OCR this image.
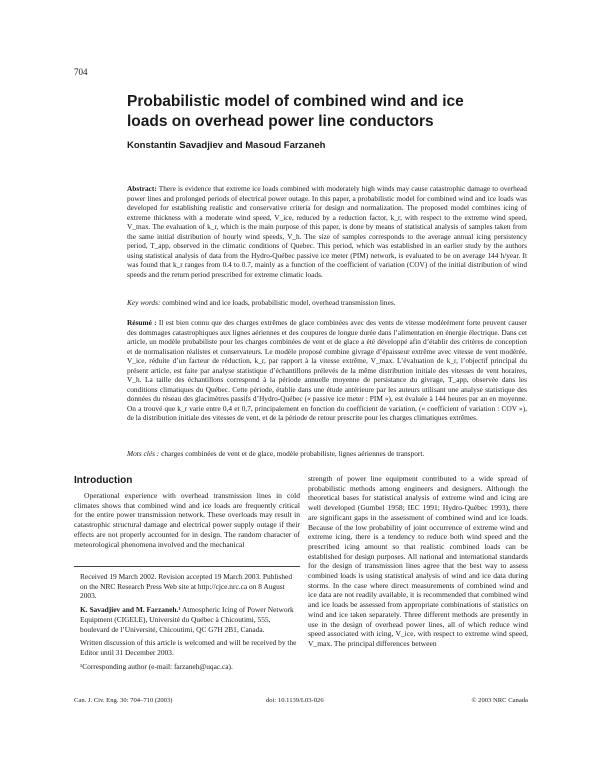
704
Probabilistic model of combined wind and ice loads on overhead power line conductors
Konstantin Savadjiev and Masoud Farzaneh
Abstract: There is evidence that extreme ice loads combined with moderately high winds may cause catastrophic damage to overhead power lines and prolonged periods of electrical power outage. In this paper, a probabilistic model for combined wind and ice loads was developed for establishing realistic and conservative criteria for design and normalization. The proposed model combines icing of extreme thickness with a moderate wind speed, V_ice, reduced by a reduction factor, k_r, with respect to the extreme wind speed, V_max. The evaluation of k_r, which is the main purpose of this paper, is done by means of statistical analysis of samples taken from the same initial distribution of hourly wind speeds, V_h. The size of samples corresponds to the average annual icing persistency period, T_app, observed in the climatic conditions of Quebec. This period, which was established in an earlier study by the authors using statistical analysis of data from the Hydro-Québec passive ice meter (PIM) network, is evaluated to be on average 144 h/year. It was found that k_r ranges from 0.4 to 0.7, mainly as a function of the coefficient of variation (COV) of the initial distribution of wind speeds and the return period prescribed for extreme climatic loads.
Key words: combined wind and ice loads, probabilistic model, overhead transmission lines.
Résumé : Il est bien connu que des charges extrêmes de glace combinées avec des vents de vitesse modérément forte peuvent causer des dommages catastrophiques aux lignes aériennes et des coupures de longue durée dans l’alimentation en énergie électrique. Dans cet article, un modèle probabiliste pour les charges combinées de vent et de glace a été développé afin d’établir des critères de conception et de normalisation réalistes et conservateurs. Le modèle proposé combine givrage d’épaisseur extrême avec vitesse de vent modérée, V_ice, réduite d’un facteur de réduction, k_r, par rapport à la vitesse extrême, V_max. L’évaluation de k_r, l’objectif principal du présent article, est faite par analyse statistique d’échantillons prélevés de la même distribution initiale des vitesses de vent horaires, V_h. La taille des échantillons correspond à la période annuelle moyenne de persistance du givrage, T_app, observée dans les conditions climatiques du Québec. Cette période, établie dans une étude antérieure par les auteurs utilisant une analyse statistique des données du réseau des glacimètres passifs d’Hydro-Québec (« passive ice meter : PIM »), est évaluée à 144 heures par an en moyenne. On a trouvé que k_r varie entre 0,4 et 0,7, principalement en fonction du coefficient de variation, (« coefficient of variation : COV »), de la distribution initiale des vitesses de vent, et de la période de retour prescrite pour les charges climatiques extrêmes.
Mots clés : charges combinées de vent et de glace, modèle probabiliste, lignes aériennes de transport.
Introduction
Operational experience with overhead transmission lines in cold climates shows that combined wind and ice loads are frequently critical for the entire power transmission network. These overloads may result in catastrophic structural damage and electrical power supply outage if their effects are not properly accounted for in design. The random character of meteorological phenomena involved and the mechanical
strength of power line equipment contributed to a wide spread of probabilistic methods among engineers and designers. Although the theoretical bases for statistical analysis of extreme wind and icing are well developed (Gumbel 1958; IEC 1991; Hydro-Québec 1993), there are significant gaps in the assessment of combined wind and ice loads. Because of the low probability of joint occurrence of extreme wind and extreme icing, there is a tendency to reduce both wind speed and the prescribed icing amount so that realistic combined loads can be established for design purposes. All national and international standards for the design of transmission lines agree that the best way to assess combined loads is using statistical analysis of wind and ice data during storms. In the case where direct measurements of combined wind and ice data are not readily available, it is recommended that combined wind and ice loads be assessed from appropriate combinations of statistics on wind and ice taken separately. Three different methods are presently in use in the design of overhead power lines, all of which reduce wind speed associated with icing, V_ice, with respect to extreme wind speed, V_max. The principal differences between

Received 19 March 2002. Revision accepted 19 March 2003. Published on the NRC Research Press Web site at http://cjce.nrc.ca on 8 August 2003.

K. Savadjiev and M. Farzaneh.¹ Atmospheric Icing of Power Network Equipment (CIGELE), Université du Québec à Chicoutimi, 555, boulevard de l’Université, Chicoutimi, QC G7H 2B1, Canada.

Written discussion of this article is welcomed and will be received by the Editor until 31 December 2003.

¹Corresponding author (e-mail: farzaneh@uqac.ca).

Can. J. Civ. Eng. 30: 704–710 (2003)	doi: 10.1139/L03-026	© 2003 NRC Canada
